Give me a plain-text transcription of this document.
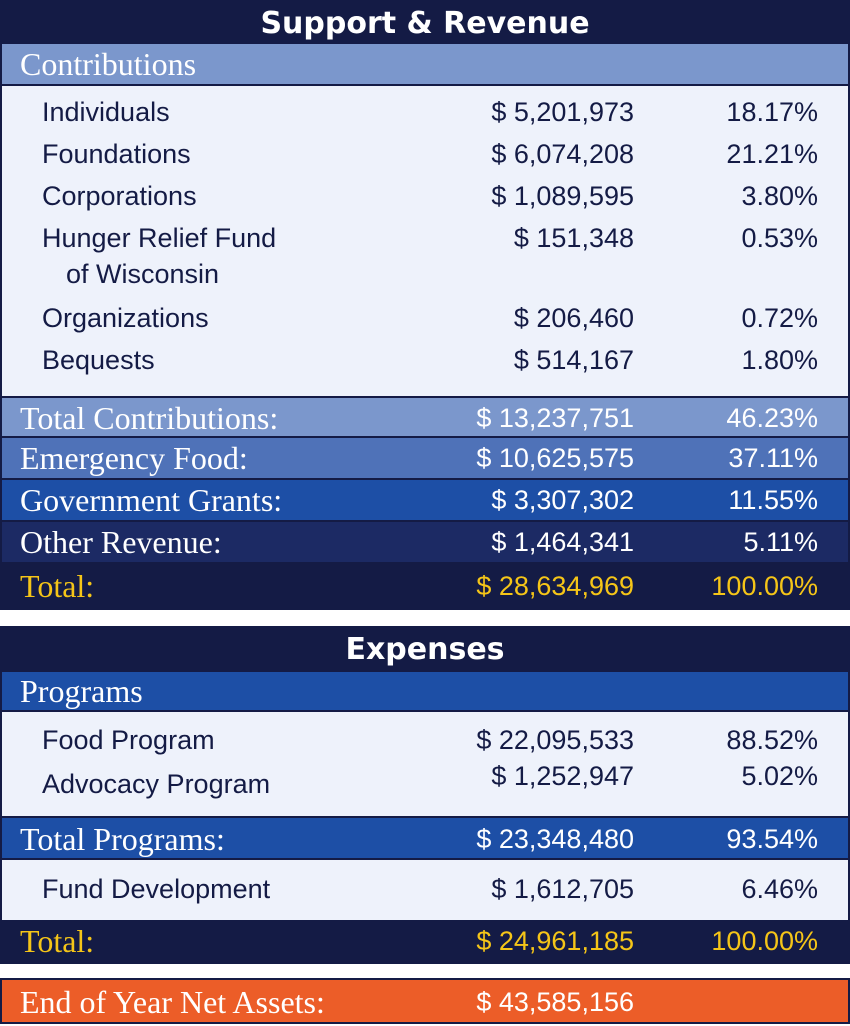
Support & Revenue
Contributions
Individuals	$ 5,201,973	18.17%
Foundations	$ 6,074,208	21.21%
Corporations	$ 1,089,595	3.80%
Hunger Relief Fund
of Wisconsin
$ 151,348	0.53%
Organizations	$ 206,460	0.72%
Bequests	$ 514,167	1.80%
Total Contributions:	$ 13,237,751	46.23%
Emergency Food:	$ 10,625,575	37.11%
Government Grants:	$ 3,307,302	11.55%
Other Revenue:	$ 1,464,341	5.11%
Total:	$ 28,634,969	100.00%
Expenses
Programs
Food Program	$ 22,095,533	88.52%
Advocacy Program	$ 1,252,947	5.02%
Total Programs:	$ 23,348,480	93.54%
Fund Development	$ 1,612,705	6.46%
Total:	$ 24,961,185	100.00%
End of Year Net Assets:	$ 43,585,156
